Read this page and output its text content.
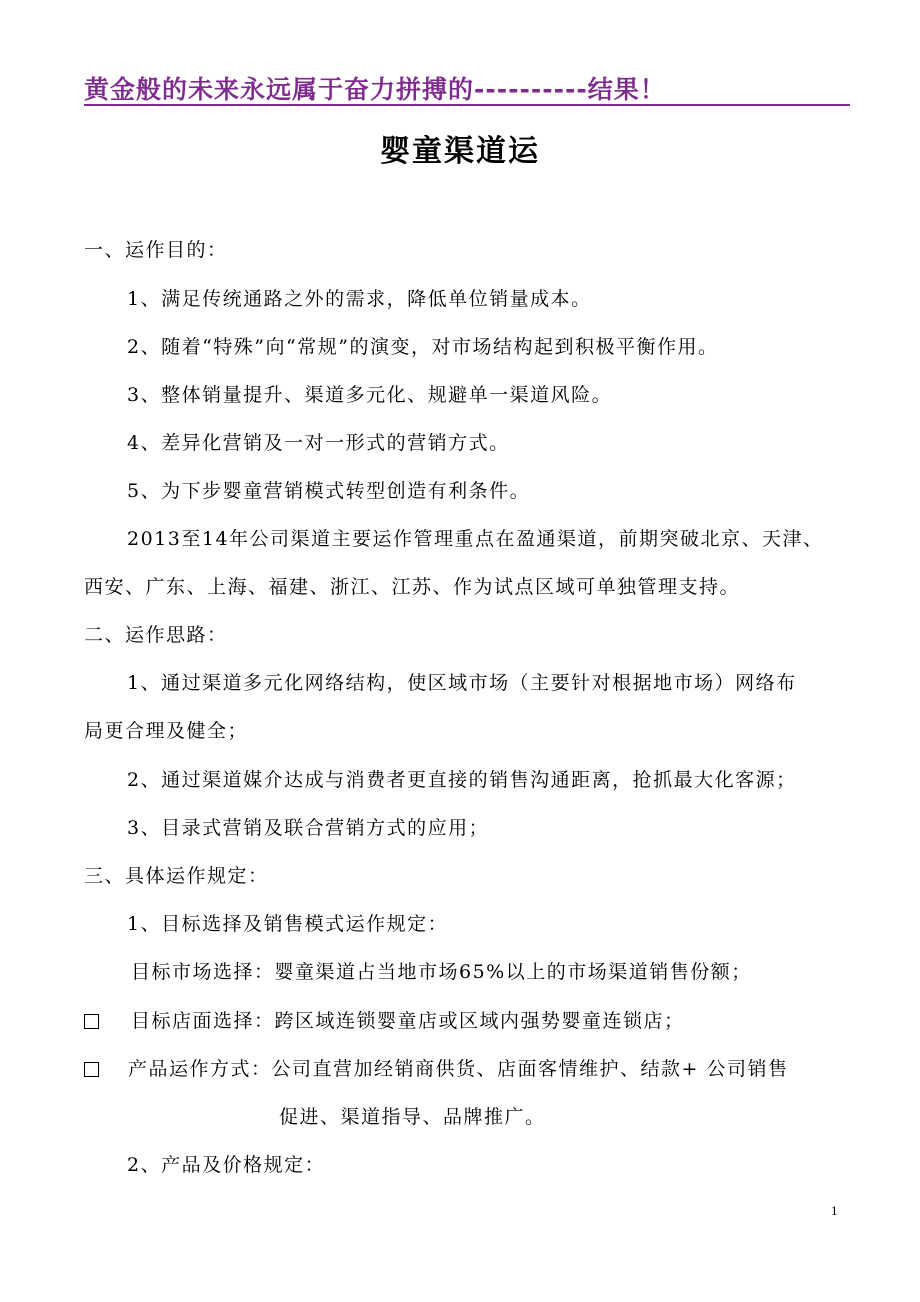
黄金般的未来永远属于奋力拼搏的----------结果！
婴童渠道运
一、运作目的：
1、满足传统通路之外的需求，降低单位销量成本。
2、随着“特殊”向“常规”的演变，对市场结构起到积极平衡作用。
3、整体销量提升、渠道多元化、规避单一渠道风险。
4、差异化营销及一对一形式的营销方式。
5、为下步婴童营销模式转型创造有利条件。
2013至14年公司渠道主要运作管理重点在盈通渠道，前期突破北京、天津、
西安、广东、上海、福建、浙江、江苏、作为试点区域可单独管理支持。
二、运作思路：
1、通过渠道多元化网络结构，使区域市场（主要针对根据地市场）网络布
局更合理及健全；
2、通过渠道媒介达成与消费者更直接的销售沟通距离，抢抓最大化客源；
3、目录式营销及联合营销方式的应用；
三、具体运作规定：
1、目标选择及销售模式运作规定：
目标市场选择：婴童渠道占当地市场65%以上的市场渠道销售份额；
目标店面选择：跨区域连锁婴童店或区域内强势婴童连锁店；
产品运作方式：公司直营加经销商供货、店面客情维护、结款+ 公司销售
促进、渠道指导、品牌推广。
2、产品及价格规定：
1
